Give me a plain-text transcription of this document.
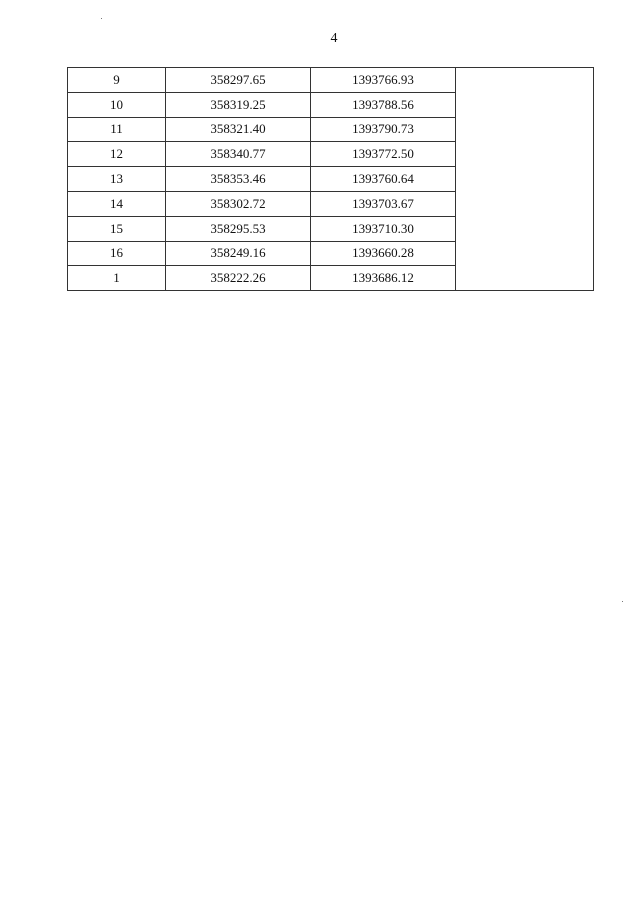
4
9	358297.65	1393766.93	
10	358319.25	1393788.56	
11	358321.40	1393790.73	
12	358340.77	1393772.50	
13	358353.46	1393760.64	
14	358302.72	1393703.67	
15	358295.53	1393710.30	
16	358249.16	1393660.28	
1	358222.26	1393686.12	
